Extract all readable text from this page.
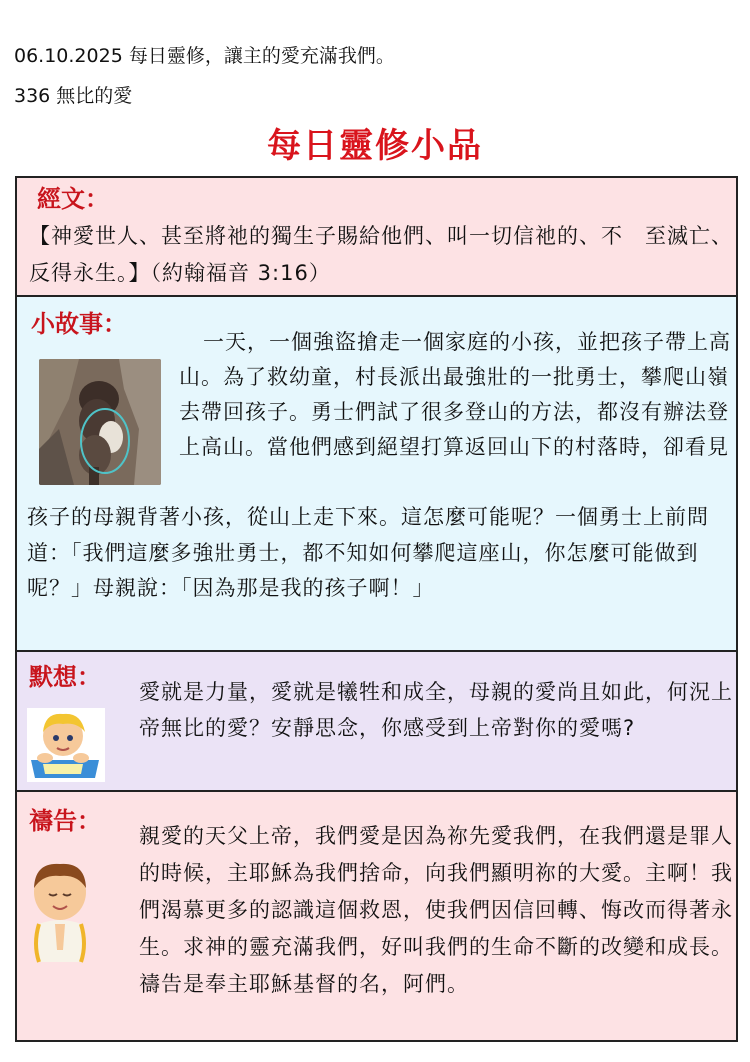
06.10.2025 每日靈修，讓主的愛充滿我們。
336 無比的愛
每日靈修小品
經文：
【神愛世人、甚至將祂的獨生子賜給他們、叫一切信祂的、不　至滅亡、反得永生。】（約翰福音 3:16）
小故事：
一天，一個強盜搶走一個家庭的小孩，並把孩子帶上高山。為了救幼童，村長派出最強壯的一批勇士，攀爬山嶺去帶回孩子。勇士們試了很多登山的方法，都沒有辦法登上高山。當他們感到絕望打算返回山下的村落時，卻看見
孩子的母親背著小孩，從山上走下來。這怎麼可能呢？一個勇士上前問道：「我們這麼多強壯勇士，都不知如何攀爬這座山，你怎麼可能做到呢？」母親說：「因為那是我的孩子啊！」
默想：
愛就是力量，愛就是犧牲和成全，母親的愛尚且如此，何況上帝無比的愛？安靜思念，你感受到上帝對你的愛嗎?
禱告：
親愛的天父上帝，我們愛是因為祢先愛我們，在我們還是罪人的時候，主耶穌為我們捨命，向我們顯明祢的大愛。主啊！我們渴慕更多的認識這個救恩，使我們因信回轉、悔改而得著永生。求神的靈充滿我們，好叫我們的生命不斷的改變和成長。禱告是奉主耶穌基督的名，阿們。
